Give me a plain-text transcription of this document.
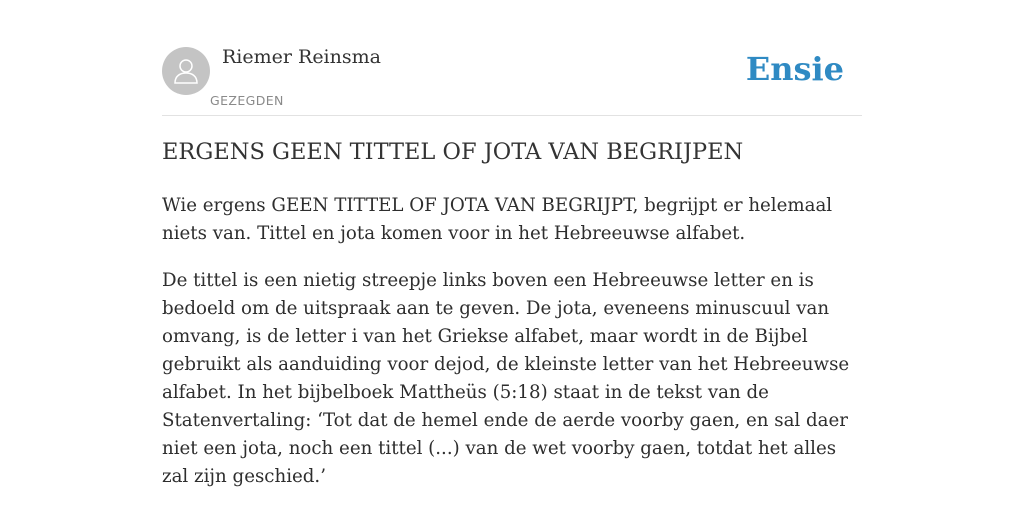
Riemer Reinsma
GEZEGDEN
Ensie
ERGENS GEEN TITTEL OF JOTA VAN BEGRIJPEN

Wie ergens GEEN TITTEL OF JOTA VAN BEGRIJPT, begrijpt er helemaal niets van. Tittel en jota komen voor in het Hebreeuwse alfabet.

De tittel is een nietig streepje links boven een Hebreeuwse letter en is bedoeld om de uitspraak aan te geven. De jota, eveneens minuscuul van omvang, is de letter i van het Griekse alfabet, maar wordt in de Bijbel gebruikt als aanduiding voor dejod, de kleinste letter van het Hebreeuwse alfabet. In het bijbelboek Mattheüs (5:18) staat in de tekst van de Statenvertaling: ‘Tot dat de hemel ende de aerde voorby gaen, en sal daer niet een jota, noch een tittel (...) van de wet voorby gaen, totdat het alles zal zijn geschied.’
